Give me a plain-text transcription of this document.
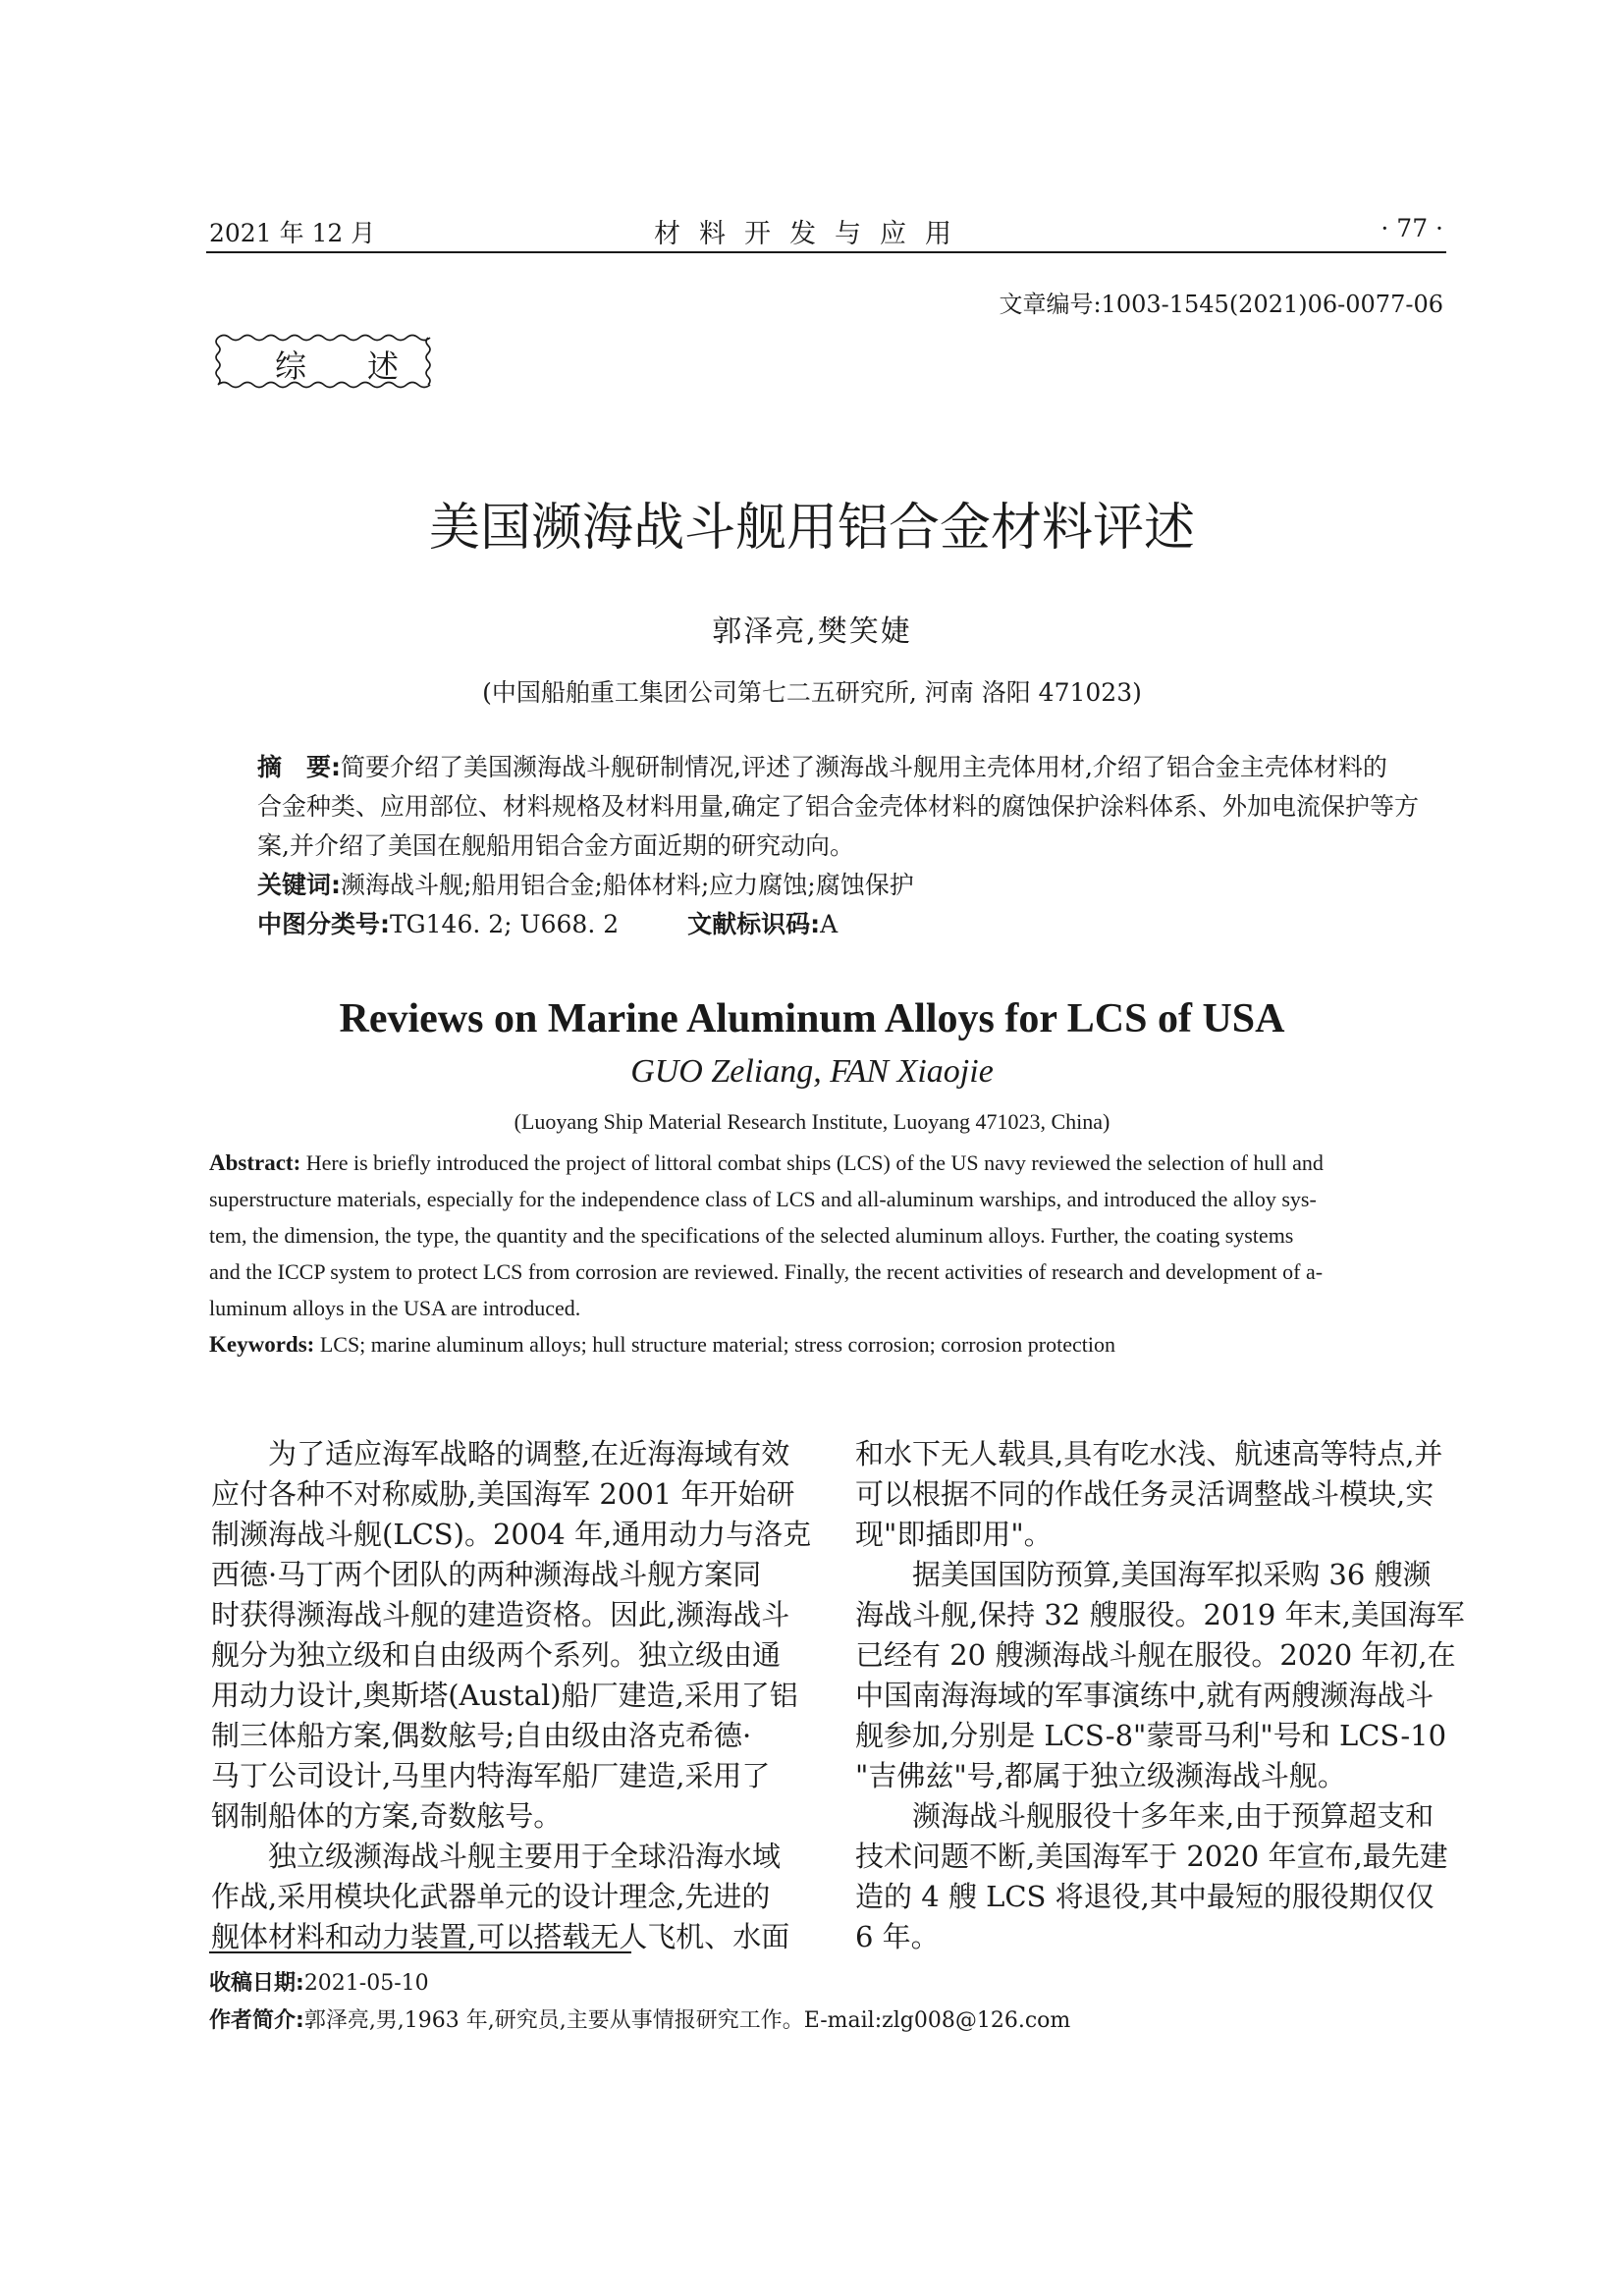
2021 年 12 月	材料开发与应用	· 77 ·
文章编号:1003-1545(2021)06-0077-06
综述
美国濒海战斗舰用铝合金材料评述
郭泽亮,樊笑婕
(中国船舶重工集团公司第七二五研究所, 河南 洛阳 471023)

摘　要:简要介绍了美国濒海战斗舰研制情况,评述了濒海战斗舰用主壳体用材,介绍了铝合金主壳体材料的

合金种类、应用部位、材料规格及材料用量,确定了铝合金壳体材料的腐蚀保护涂料体系、外加电流保护等方

案,并介绍了美国在舰船用铝合金方面近期的研究动向。

关键词:濒海战斗舰;船用铝合金;船体材料;应力腐蚀;腐蚀保护

中图分类号:TG146. 2; U668. 2	文献标识码:A

Reviews on Marine Aluminum Alloys for LCS of USA
GUO Zeliang, FAN Xiaojie
(Luoyang Ship Material Research Institute, Luoyang 471023, China)

Abstract: Here is briefly introduced the project of littoral combat ships (LCS) of the US navy reviewed the selection of hull and

superstructure materials, especially for the independence class of LCS and all-aluminum warships, and introduced the alloy sys-

tem, the dimension, the type, the quantity and the specifications of the selected aluminum alloys. Further, the coating systems

and the ICCP system to protect LCS from corrosion are reviewed. Finally, the recent activities of research and development of a-

luminum alloys in the USA are introduced.

Keywords: LCS; marine aluminum alloys; hull structure material; stress corrosion; corrosion protection

　　为了适应海军战略的调整,在近海海域有效

应付各种不对称威胁,美国海军 2001 年开始研

制濒海战斗舰(LCS)。2004 年,通用动力与洛克

西德·马丁两个团队的两种濒海战斗舰方案同

时获得濒海战斗舰的建造资格。因此,濒海战斗

舰分为独立级和自由级两个系列。独立级由通

用动力设计,奥斯塔(Austal)船厂建造,采用了铝

制三体船方案,偶数舷号;自由级由洛克希德·

马丁公司设计,马里内特海军船厂建造,采用了

钢制船体的方案,奇数舷号。

　　独立级濒海战斗舰主要用于全球沿海水域

作战,采用模块化武器单元的设计理念,先进的

舰体材料和动力装置,可以搭载无人飞机、水面

和水下无人载具,具有吃水浅、航速高等特点,并

可以根据不同的作战任务灵活调整战斗模块,实

现"即插即用"。

　　据美国国防预算,美国海军拟采购 36 艘濒

海战斗舰,保持 32 艘服役。2019 年末,美国海军

已经有 20 艘濒海战斗舰在服役。2020 年初,在

中国南海海域的军事演练中,就有两艘濒海战斗

舰参加,分别是 LCS-8"蒙哥马利"号和 LCS-10

"吉佛兹"号,都属于独立级濒海战斗舰。

　　濒海战斗舰服役十多年来,由于预算超支和

技术问题不断,美国海军于 2020 年宣布,最先建

造的 4 艘 LCS 将退役,其中最短的服役期仅仅

6 年。

收稿日期:2021-05-10

作者简介:郭泽亮,男,1963 年,研究员,主要从事情报研究工作。E-mail:zlg008@126.com
